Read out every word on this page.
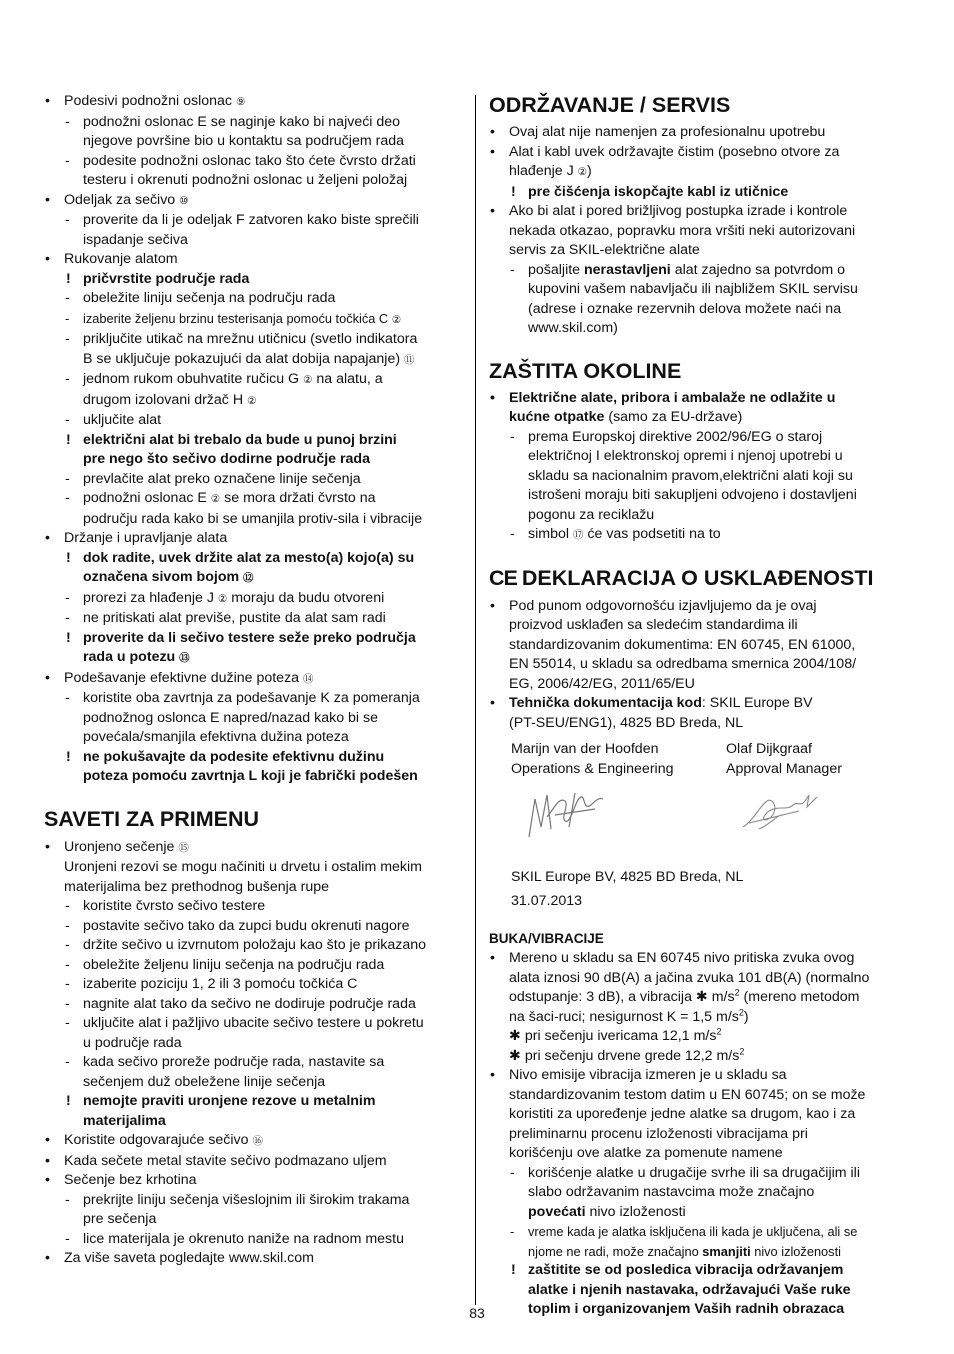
• Podesivi podnožni oslonac ⑨
- podnožni oslonac E se naginje kako bi najveći deo
njegove površine bio u kontaktu sa područjem rada
- podesite podnožni oslonac tako što ćete čvrsto držati
testeru i okrenuti podnožni oslonac u željeni položaj
• Odeljak za sečivo ⑩
- proverite da li je odeljak F zatvoren kako biste sprečili
ispadanje sečiva
• Rukovanje alatom
! pričvrstite područje rada
- obeležite liniju sečenja na području rada
- izaberite željenu brzinu testerisanja pomoću točkića C ②
- priključite utikač na mrežnu utičnicu (svetlo indikatora
B se uključuje pokazujući da alat dobija napajanje) ⑪
- jednom rukom obuhvatite ručicu G ② na alatu, a
drugom izolovani držač H ②
- uključite alat
! električni alat bi trebalo da bude u punoj brzini
pre nego što sečivo dodirne područje rada
- prevlačite alat preko označene linije sečenja
- podnožni oslonac E ② se mora držati čvrsto na
području rada kako bi se umanjila protiv-sila i vibracije
• Držanje i upravljanje alata
! dok radite, uvek držite alat za mesto(a) kojo(a) su
označena sivom bojom ⑫
- prorezi za hlađenje J ② moraju da budu otvoreni
- ne pritiskati alat previše, pustite da alat sam radi
! proverite da li sečivo testere seže preko područja
rada u potezu ⑬
• Podešavanje efektivne dužine poteza ⑭
- koristite oba zavrtnja za podešavanje K za pomeranja
podnožnog oslonca E napred/nazad kako bi se
povećala/smanjila efektivna dužina poteza
! ne pokušavajte da podesite efektivnu dužinu
poteza pomoću zavrtnja L koji je fabrički podešen
SAVETI ZA PRIMENU
• Uronjeno sečenje ⑮
Uronjeni rezovi se mogu načiniti u drvetu i ostalim mekim
materijalima bez prethodnog bušenja rupe
- koristite čvrsto sečivo testere
- postavite sečivo tako da zupci budu okrenuti nagore
- držite sečivo u izvrnutom položaju kao što je prikazano
- obeležite željenu liniju sečenja na području rada
- izaberite poziciju 1, 2 ili 3 pomoću točkića C
- nagnite alat tako da sečivo ne dodiruje područje rada
- uključite alat i pažljivo ubacite sečivo testere u pokretu
u područje rada
- kada sečivo proreže područje rada, nastavite sa
sečenjem duž obeležene linije sečenja
! nemojte praviti uronjene rezove u metalnim
materijalima
• Koristite odgovarajuće sečivo ⑯
• Kada sečete metal stavite sečivo podmazano uljem
• Sečenje bez krhotina
- prekrijte liniju sečenja višeslojnim ili širokim trakama
pre sečenja
- lice materijala je okrenuto naniže na radnom mestu
• Za više saveta pogledajte www.skil.com
ODRŽAVANJE / SERVIS
• Ovaj alat nije namenjen za profesionalnu upotrebu
• Alat i kabl uvek održavajte čistim (posebno otvore za
hlađenje J ②)
! pre čišćenja iskopčajte kabl iz utičnice
• Ako bi alat i pored brižljivog postupka izrade i kontrole
nekada otkazao, popravku mora vršiti neki autorizovani
servis za SKIL-električne alate
- pošaljite nerastavljeni alat zajedno sa potvrdom o
kupovini vašem nabavljaču ili najbližem SKIL servisu
(adrese i oznake rezervnih delova možete naći na
www.skil.com)
ZAŠTITA OKOLINE
• Električne alate, pribora i ambalaže ne odlažite u
kućne otpatke (samo za EU-države)
- prema Europskoj direktive 2002/96/EG o staroj
električnoj I elektronskoj opremi i njenoj upotrebi u
skladu sa nacionalnim pravom,električni alati koji su
istrošeni moraju biti sakupljeni odvojeno i dostavljeni
pogonu za reciklažu
- simbol ⑰ će vas podsetiti na to
CE DEKLARACIJA O USKLAĐENOSTI
• Pod punom odgovornošću izjavljujemo da je ovaj
proizvod usklađen sa sledećim standardima ili
standardizovanim dokumentima: EN 60745, EN 61000,
EN 55014, u skladu sa odredbama smernica 2004/108/
EG, 2006/42/EG, 2011/65/EU
• Tehnička dokumentacija kod: SKIL Europe BV
(PT-SEU/ENG1), 4825 BD Breda, NL
Marijn van der Hoofden	Olaf Dijkgraaf
Operations & Engineering	Approval Manager
SKIL Europe BV, 4825 BD Breda, NL
31.07.2013
BUKA/VIBRACIJE
• Mereno u skladu sa EN 60745 nivo pritiska zvuka ovog
alata iznosi 90 dB(A) a jačina zvuka 101 dB(A) (normalno
odstupanje: 3 dB), a vibracija ✱ $m/s^2$ (mereno metodom
na šaci-ruci; nesigurnost K = 1,5 $m/s^2$)
✱ pri sečenju ivericama 12,1 $m/s^2$
✱ pri sečenju drvene grede 12,2 $m/s^2$
• Nivo emisije vibracija izmeren je u skladu sa
standardizovanim testom datim u EN 60745; on se može
koristiti za upoređenje jedne alatke sa drugom, kao i za
preliminarnu procenu izloženosti vibracijama pri
korišćenju ove alatke za pomenute namene
- korišćenje alatke u drugačije svrhe ili sa drugačijim ili
slabo održavanim nastavcima može značajno
povećati nivo izloženosti
- vreme kada je alatka isključena ili kada je uključena, ali se
njome ne radi, može značajno smanjiti nivo izloženosti
! zaštitite se od posledica vibracija održavanjem
alatke i njenih nastavaka, održavajući Vaše ruke
toplim i organizovanjem Vaših radnih obrazaca
83
